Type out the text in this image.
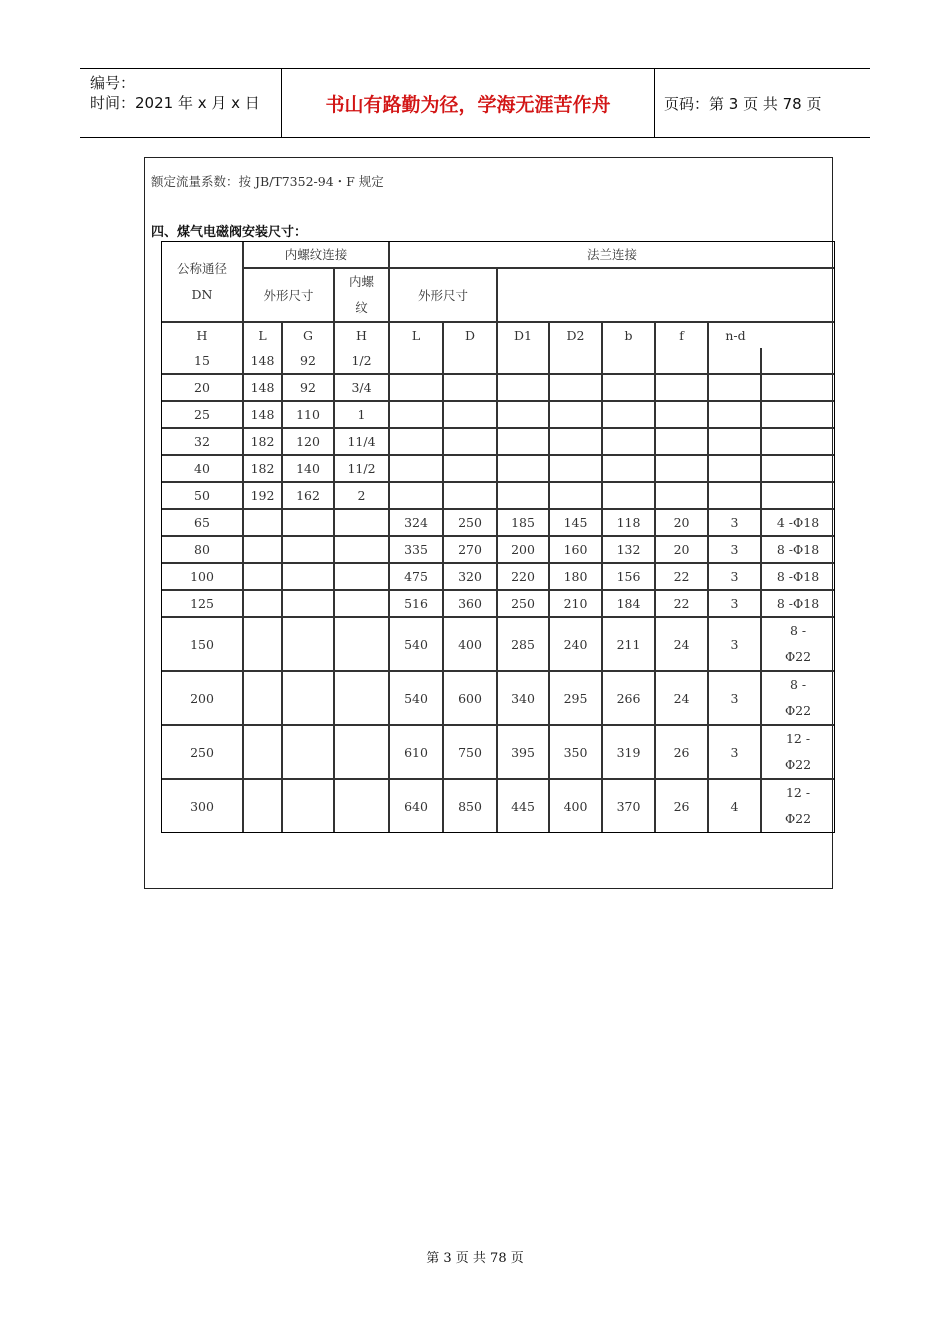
编号：
时间：2021 年 x 月 x 日	书山有路勤为径，学海无涯苦作舟	页码：第 3 页 共 78 页
额定流量系数：按 JB/T7352-94・F 规定
四、煤气电磁阀安装尺寸：
公称通径
DN	内螺纹连接			法兰连接							
	外形尺寸		内螺
纹	外形尺寸							
H	L	G	H	L	D	D1	D2	b	f	n-d	
15	148	92	1/2								
20	148	92	3/4								
25	148	110	1								
32	182	120	11/4								
40	182	140	11/2								
50	192	162	2								
65				324	250	185	145	118	20	3	4 -Φ18
80				335	270	200	160	132	20	3	8 -Φ18
100				475	320	220	180	156	22	3	8 -Φ18
125				516	360	250	210	184	22	3	8 -Φ18
150				540	400	285	240	211	24	3	8 -
Φ22

200				540	600	340	295	266	24	3	8 -
Φ22

250				610	750	395	350	319	26	3	12 -
Φ22

300				640	850	445	400	370	26	4	12 -
Φ22
第 3 页 共 78 页
